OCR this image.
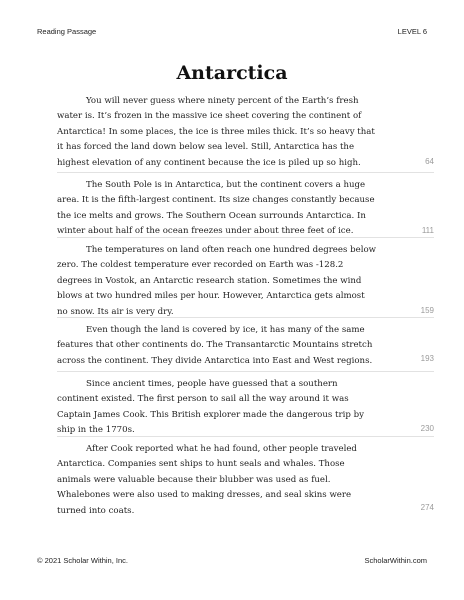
Reading Passage	LEVEL 6
Antarctica
You will never guess where ninety percent of the Earth’s fresh
water is. It’s frozen in the massive ice sheet covering the continent of
Antarctica! In some places, the ice is three miles thick. It’s so heavy that
it has forced the land down below sea level. Still, Antarctica has the
highest elevation of any continent because the ice is piled up so high.	64
The South Pole is in Antarctica, but the continent covers a huge
area. It is the fifth-largest continent. Its size changes constantly because
the ice melts and grows. The Southern Ocean surrounds Antarctica. In
winter about half of the ocean freezes under about three feet of ice.	111
The temperatures on land often reach one hundred degrees below
zero. The coldest temperature ever recorded on Earth was -128.2
degrees in Vostok, an Antarctic research station. Sometimes the wind
blows at two hundred miles per hour. However, Antarctica gets almost
no snow. Its air is very dry.	159
Even though the land is covered by ice, it has many of the same
features that other continents do. The Transantarctic Mountains stretch
across the continent. They divide Antarctica into East and West regions.	193
Since ancient times, people have guessed that a southern
continent existed. The first person to sail all the way around it was
Captain James Cook. This British explorer made the dangerous trip by
ship in the 1770s.	230
After Cook reported what he had found, other people traveled
Antarctica. Companies sent ships to hunt seals and whales. Those
animals were valuable because their blubber was used as fuel.
Whalebones were also used to making dresses, and seal skins were
turned into coats.	274
© 2021 Scholar Within, Inc.	ScholarWithin.com
